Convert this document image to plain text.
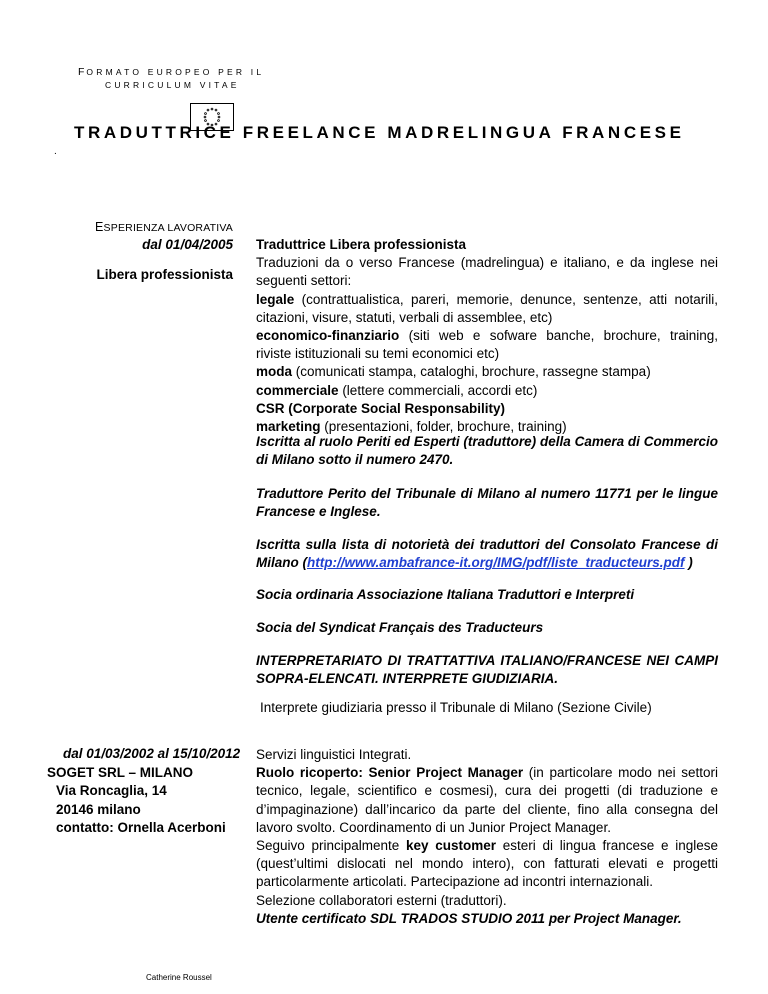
FORMATO EUROPEO PER IL
CURRICULUM VITAE
TRADUTTRICE FREELANCE MADRELINGUA FRANCESE
.
ESPERIENZA LAVORATIVA
dal 01/04/2005
Libera professionista
dal 01/03/2002 al 15/10/2012
SOGET SRL – MILANO
Via Roncaglia, 14
20146 milano
contatto: Ornella Acerboni

Traduttrice Libera professionista

Traduzioni da o verso Francese (madrelingua) e italiano, e da inglese nei seguenti settori:

legale (contrattualistica, pareri, memorie, denunce, sentenze, atti notarili, citazioni, visure, statuti, verbali di assemblee, etc)

economico-finanziario (siti web e sofware banche, brochure, training, riviste istituzionali su temi economici etc)

moda (comunicati stampa, cataloghi, brochure, rassegne stampa)

commerciale (lettere commerciali, accordi etc)

CSR (Corporate Social Responsability)

marketing (presentazioni, folder, brochure, training)

Iscritta al ruolo Periti ed Esperti (traduttore) della Camera di Commercio di Milano sotto il numero 2470.
Traduttore Perito del Tribunale di Milano al numero 11771 per le lingue Francese e Inglese.
Iscritta sulla lista di notorietà dei traduttori del Consolato Francese di Milano (http://www.ambafrance-it.org/IMG/pdf/liste_traducteurs.pdf )
Socia ordinaria Associazione Italiana Traduttori e Interpreti
Socia del Syndicat Français des Traducteurs
INTERPRETARIATO DI TRATTATTIVA ITALIANO/FRANCESE NEI CAMPI SOPRA-ELENCATI. INTERPRETE GIUDIZIARIA.
Interprete giudiziaria presso il Tribunale di Milano (Sezione Civile)

Servizi linguistici Integrati.

Ruolo ricoperto: Senior Project Manager (in particolare modo nei settori tecnico, legale, scientifico e cosmesi), cura dei progetti (di traduzione e d’impaginazione) dall’incarico da parte del cliente, fino alla consegna del lavoro svolto. Coordinamento di un Junior Project Manager.

Seguivo principalmente key customer esteri di lingua francese e inglese (quest’ultimi dislocati nel mondo intero), con fatturati elevati e progetti particolarmente articolati. Partecipazione ad incontri internazionali.

Selezione collaboratori esterni (traduttori).

Utente certificato SDL TRADOS STUDIO 2011 per Project Manager.

Catherine Roussel
